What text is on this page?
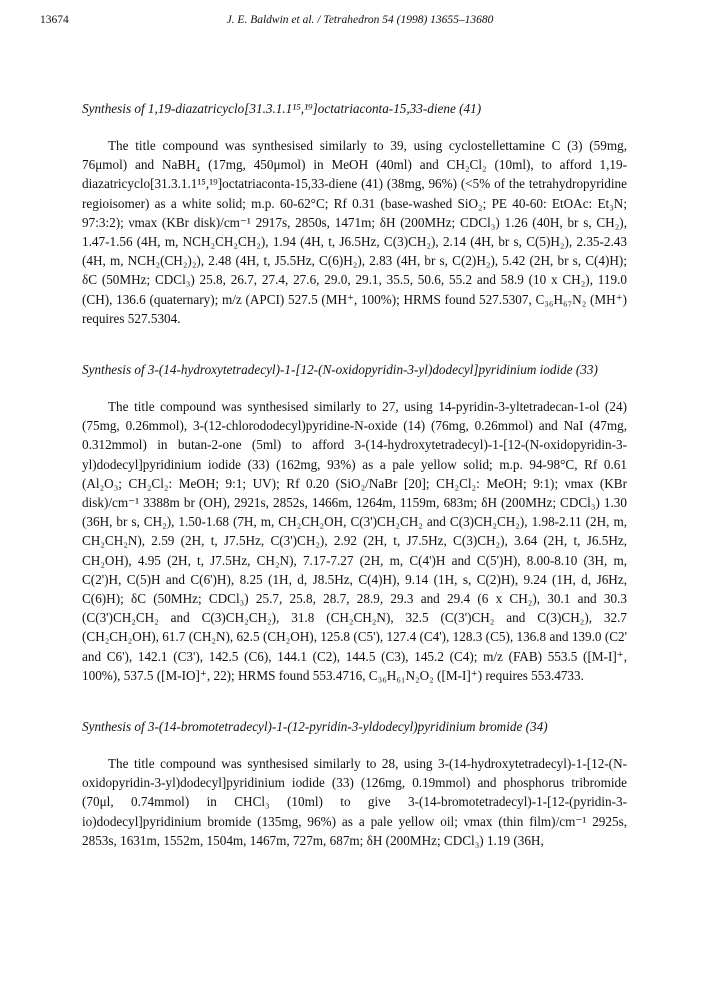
13674	J. E. Baldwin et al. / Tetrahedron 54 (1998) 13655–13680

Synthesis of 1,19-diazatricyclo[31.3.1.1¹⁵,¹⁹]octatriaconta-15,33-diene (41)

The title compound was synthesised similarly to 39, using cyclostellettamine C (3) (59mg, 76μmol) and NaBH₄ (17mg, 450μmol) in MeOH (40ml) and CH₂Cl₂ (10ml), to afford 1,19-diazatricyclo[31.3.1.1¹⁵,¹⁹]octatriaconta-15,33-diene (41) (38mg, 96%) (<5% of the tetrahydropyridine regioisomer) as a white solid; m.p. 60-62°C; Rf 0.31 (base-washed SiO₂; PE 40-60: EtOAc: Et₃N; 97:3:2); νmax (KBr disk)/cm⁻¹ 2917s, 2850s, 1471m; δH (200MHz; CDCl₃) 1.26 (40H, br s, CH₂), 1.47-1.56 (4H, m, NCH₂CH₂CH₂), 1.94 (4H, t, J6.5Hz, C(3)CH₂), 2.14 (4H, br s, C(5)H₂), 2.35-2.43 (4H, m, NCH₂(CH₂)₂), 2.48 (4H, t, J5.5Hz, C(6)H₂), 2.83 (4H, br s, C(2)H₂), 5.42 (2H, br s, C(4)H); δC (50MHz; CDCl₃) 25.8, 26.7, 27.4, 27.6, 29.0, 29.1, 35.5, 50.6, 55.2 and 58.9 (10 x CH₂), 119.0 (CH), 136.6 (quaternary); m/z (APCI) 527.5 (MH⁺, 100%); HRMS found 527.5307, C₃₆H₆₇N₂ (MH⁺) requires 527.5304.

Synthesis of 3-(14-hydroxytetradecyl)-1-[12-(N-oxidopyridin-3-yl)dodecyl]pyridinium iodide (33)

The title compound was synthesised similarly to 27, using 14-pyridin-3-yltetradecan-1-ol (24) (75mg, 0.26mmol), 3-(12-chlorododecyl)pyridine-N-oxide (14) (76mg, 0.26mmol) and NaI (47mg, 0.312mmol) in butan-2-one (5ml) to afford 3-(14-hydroxytetradecyl)-1-[12-(N-oxidopyridin-3-yl)dodecyl]pyridinium iodide (33) (162mg, 93%) as a pale yellow solid; m.p. 94-98°C, Rf 0.61 (Al₂O₃; CH₂Cl₂: MeOH; 9:1; UV); Rf 0.20 (SiO₂/NaBr [20]; CH₂Cl₂: MeOH; 9:1); νmax (KBr disk)/cm⁻¹ 3388m br (OH), 2921s, 2852s, 1466m, 1264m, 1159m, 683m; δH (200MHz; CDCl₃) 1.30 (36H, br s, CH₂), 1.50-1.68 (7H, m, CH₂CH₂OH, C(3')CH₂CH₂ and C(3)CH₂CH₂), 1.98-2.11 (2H, m, CH₂CH₂N), 2.59 (2H, t, J7.5Hz, C(3')CH₂), 2.92 (2H, t, J7.5Hz, C(3)CH₂), 3.64 (2H, t, J6.5Hz, CH₂OH), 4.95 (2H, t, J7.5Hz, CH₂N), 7.17-7.27 (2H, m, C(4')H and C(5')H), 8.00-8.10 (3H, m, C(2')H, C(5)H and C(6')H), 8.25 (1H, d, J8.5Hz, C(4)H), 9.14 (1H, s, C(2)H), 9.24 (1H, d, J6Hz, C(6)H); δC (50MHz; CDCl₃) 25.7, 25.8, 28.7, 28.9, 29.3 and 29.4 (6 x CH₂), 30.1 and 30.3 (C(3')CH₂CH₂ and C(3)CH₂CH₂), 31.8 (CH₂CH₂N), 32.5 (C(3')CH₂ and C(3)CH₂), 32.7 (CH₂CH₂OH), 61.7 (CH₂N), 62.5 (CH₂OH), 125.8 (C5'), 127.4 (C4'), 128.3 (C5), 136.8 and 139.0 (C2' and C6'), 142.1 (C3'), 142.5 (C6), 144.1 (C2), 144.5 (C3), 145.2 (C4); m/z (FAB) 553.5 ([M-I]⁺, 100%), 537.5 ([M-IO]⁺, 22); HRMS found 553.4716, C₃₆H₆₁N₂O₂ ([M-I]⁺) requires 553.4733.

Synthesis of 3-(14-bromotetradecyl)-1-(12-pyridin-3-yldodecyl)pyridinium bromide (34)

The title compound was synthesised similarly to 28, using 3-(14-hydroxytetradecyl)-1-[12-(N-oxidopyridin-3-yl)dodecyl]pyridinium iodide (33) (126mg, 0.19mmol) and phosphorus tribromide (70μl, 0.74mmol) in CHCl₃ (10ml) to give 3-(14-bromotetradecyl)-1-[12-(pyridin-3-io)dodecyl]pyridinium bromide (135mg, 96%) as a pale yellow oil; νmax (thin film)/cm⁻¹ 2925s, 2853s, 1631m, 1552m, 1504m, 1467m, 727m, 687m; δH (200MHz; CDCl₃) 1.19 (36H,
